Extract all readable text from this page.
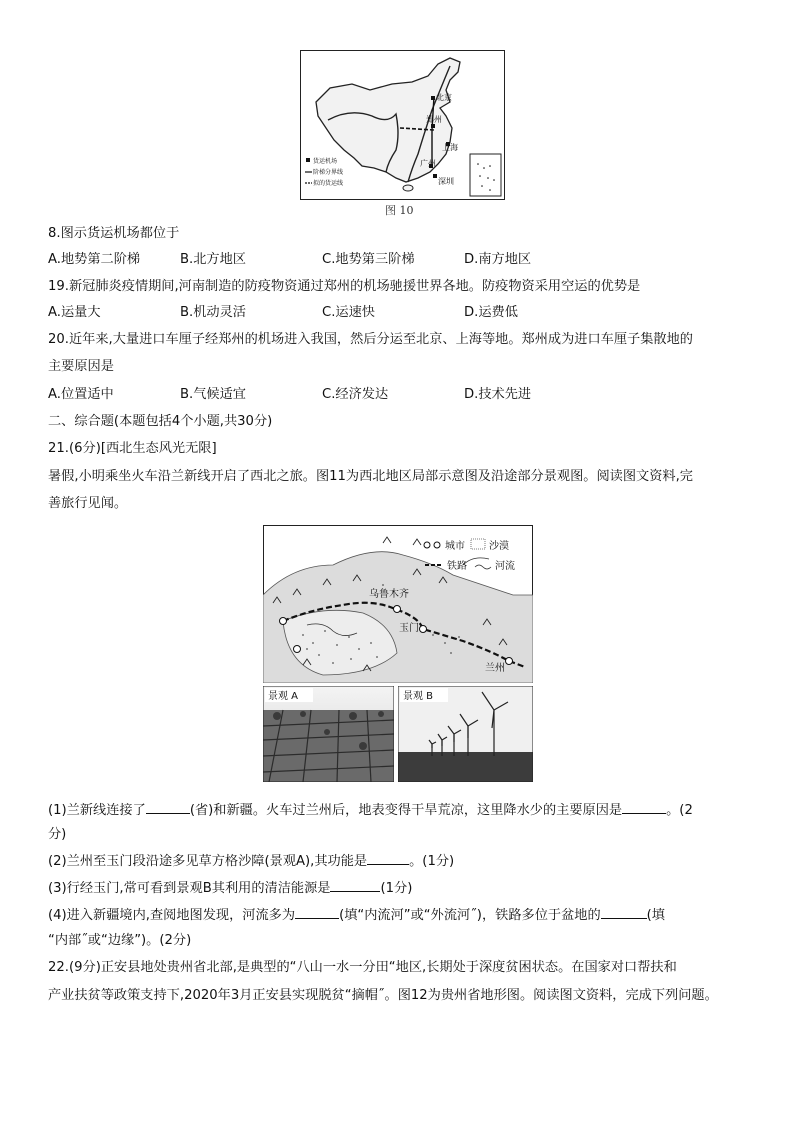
北京
郑州
上海
广州
深圳
货运机场
阶梯分界线
拟的货运线
图 10
8.图示货运机场都位于
A.地势第二阶梯	B.北方地区	C.地势第三阶梯	D.南方地区
19.新冠肺炎疫情期间,河南制造的防疫物资通过郑州的机场驰援世界各地。防疫物资采用空运的优势是
A.运量大	B.机动灵活	C.运速快	D.运费低
20.近年来,大量进口车厘子经郑州的机场进入我国，然后分运至北京、上海等地。郑州成为进口车厘子集散地的
主要原因是
A.位置适中	B.气候适宜	C.经济发达	D.技术先进
二、综合题(本题包括4个小题,共30分)
21.(6分)[西北生态风光无限]
暑假,小明乘坐火车沿兰新线开启了西北之旅。图11为西北地区局部示意图及沿途部分景观图。阅读图文资料,完
善旅行见闻。
乌鲁木齐
玉门
兰州
城市 沙漠
铁路	河流
景观 A	景观 B
(1)兰新线连接了	(省)和新疆。火车过兰州后，地表变得干旱荒凉，这里降水少的主要原因是	。(2
分)
(2)兰州至玉门段沿途多见草方格沙障(景观A),其功能是	。(1分)
(3)行经玉门,常可看到景观B其利用的清洁能源是	(1分)
(4)进入新疆境内,查阅地图发现，河流多为	(填“内流河”或“外流河˝)，铁路多位于盆地的	(填
“内部˝或“边缘”)。(2分)
22.(9分)正安县地处贵州省北部,是典型的“八山一水一分田“地区,长期处于深度贫困状态。在国家对口帮扶和
产业扶贫等政策支持下,2020年3月正安县实现脱贫“摘帽˝。图12为贵州省地形图。阅读图文资料，完成下列问题。
